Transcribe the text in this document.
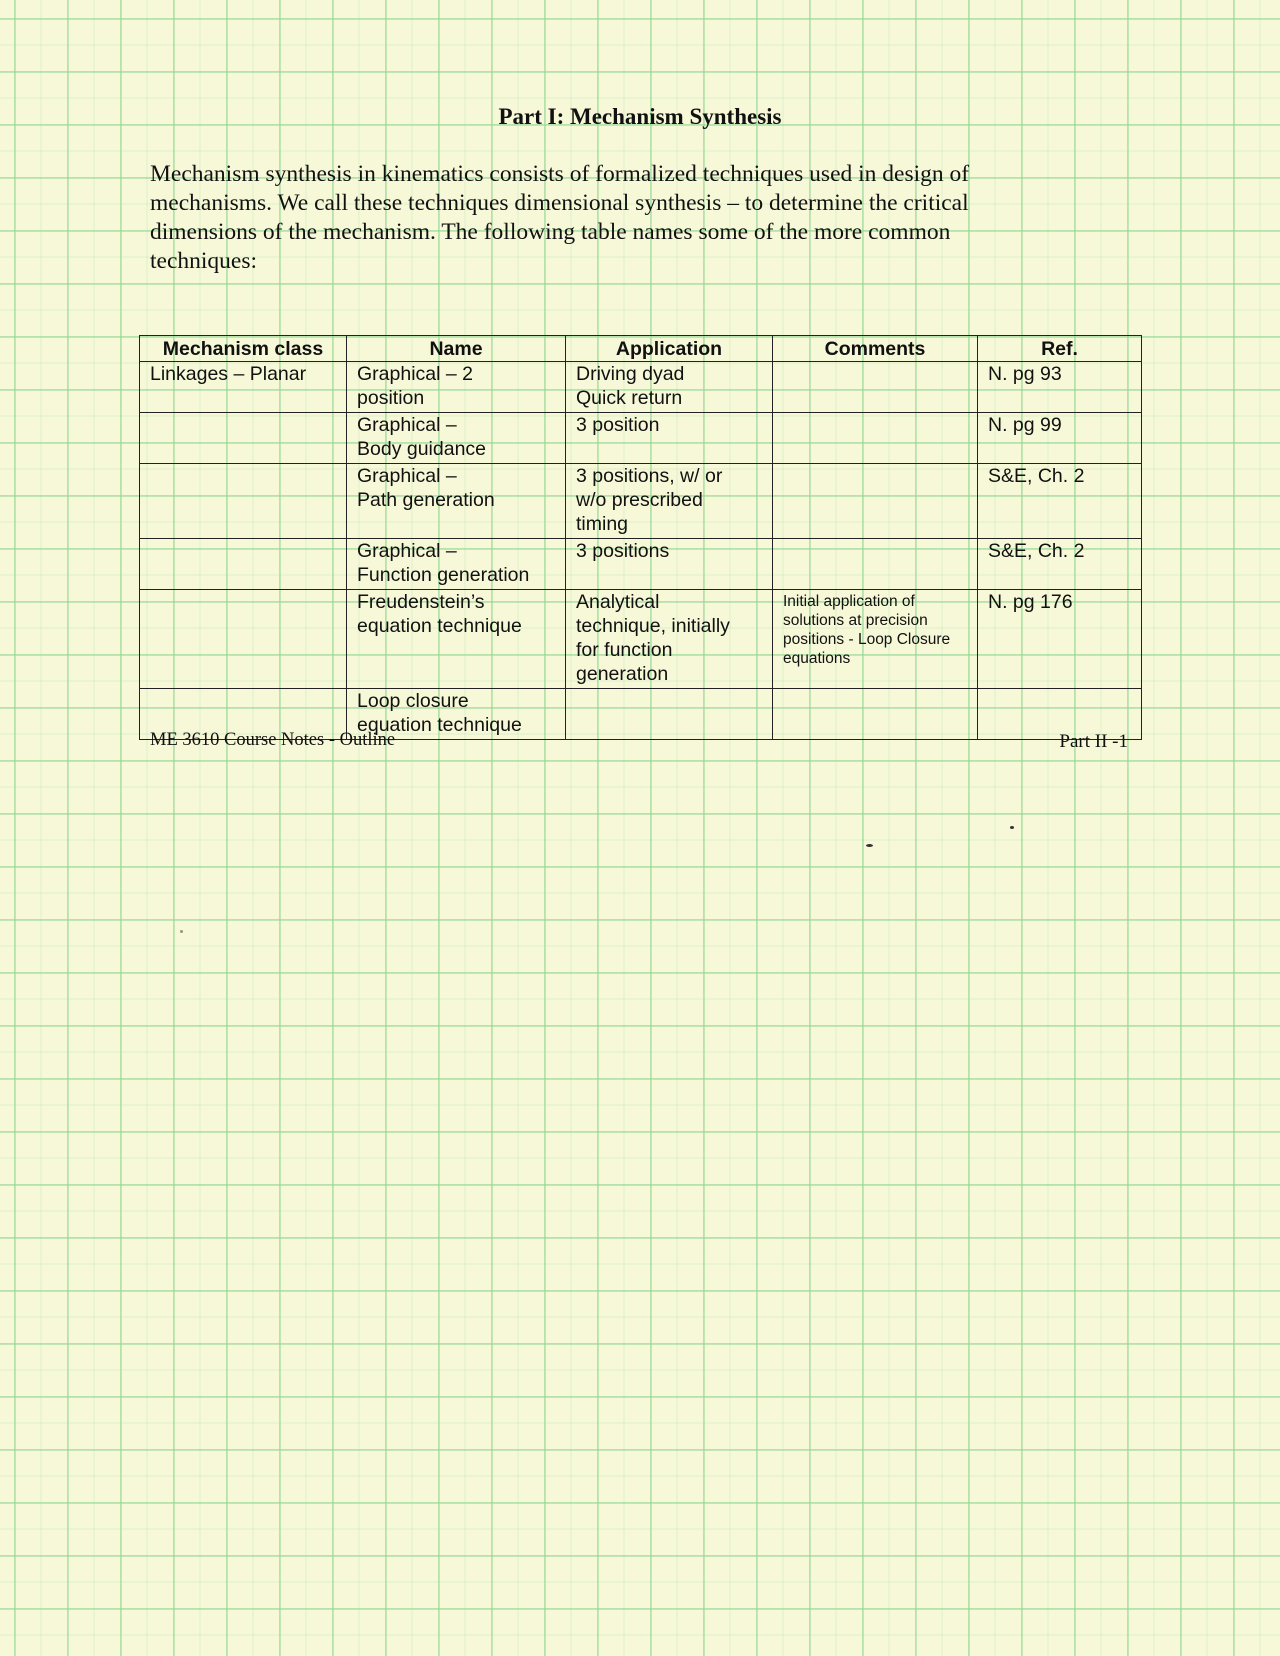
Part I: Mechanism Synthesis
Mechanism synthesis in kinematics consists of formalized techniques used in design of
mechanisms. We call these techniques dimensional synthesis – to determine the critical
dimensions of the mechanism. The following table names some of the more common
techniques:
Mechanism class	Name	Application	Comments	Ref.

Linkages – Planar	Graphical – 2
position	Driving dyad
Quick return		N. pg 93

	Graphical –
Body guidance	3 position		N. pg 99

	Graphical –
Path generation	3 positions, w/ or
w/o prescribed
timing		S&E, Ch. 2

	Graphical –
Function generation	3 positions		S&E, Ch. 2

	Freudenstein’s
equation technique	Analytical
technique, initially
for function
generation	Initial application of
solutions at precision
positions - Loop Closure
equations	N. pg 176

	Loop closure
equation technique			

ME 3610 Course Notes - Outline	Part II -1
